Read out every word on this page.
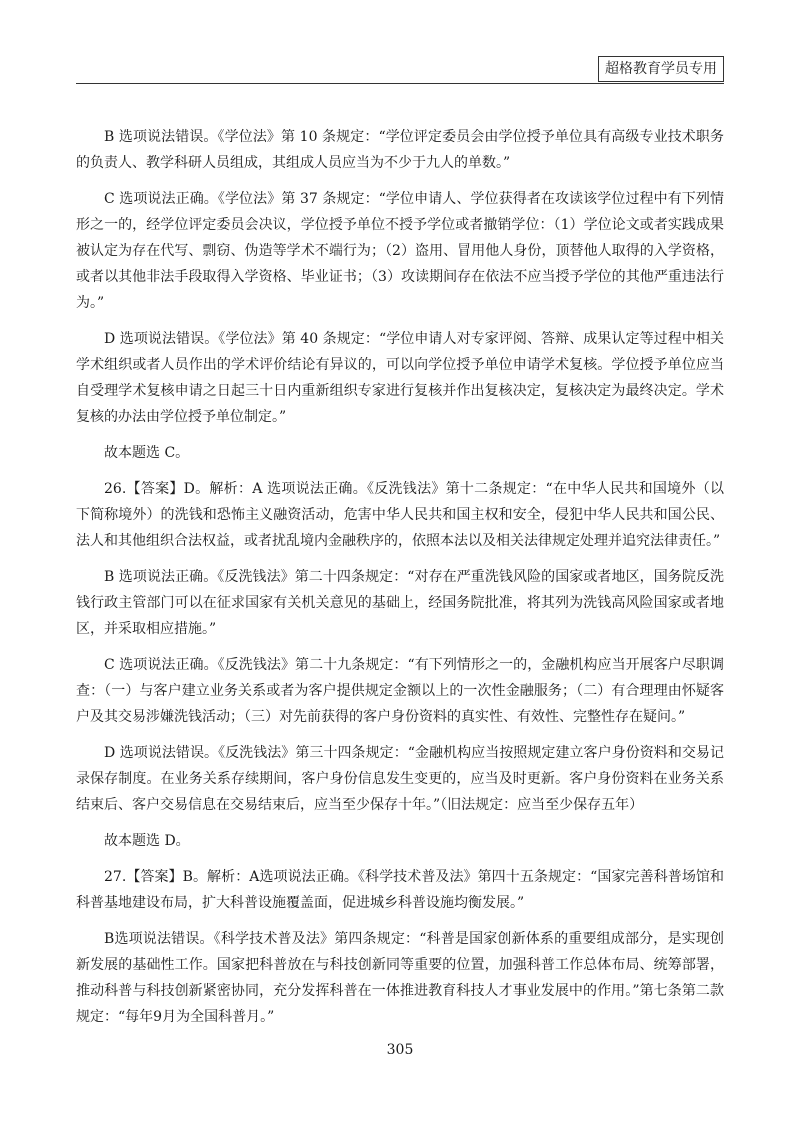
超格教育学员专用

B 选项说法错误。《学位法》第 10 条规定：“学位评定委员会由学位授予单位具有高级专业技术职务的负责人、教学科研人员组成，其组成人员应当为不少于九人的单数。”

C 选项说法正确。《学位法》第 37 条规定：“学位申请人、学位获得者在攻读该学位过程中有下列情形之一的，经学位评定委员会决议，学位授予单位不授予学位或者撤销学位：（1）学位论文或者实践成果被认定为存在代写、剽窃、伪造等学术不端行为；（2）盗用、冒用他人身份，顶替他人取得的入学资格，或者以其他非法手段取得入学资格、毕业证书；（3）攻读期间存在依法不应当授予学位的其他严重违法行为。”

D 选项说法错误。《学位法》第 40 条规定：“学位申请人对专家评阅、答辩、成果认定等过程中相关学术组织或者人员作出的学术评价结论有异议的，可以向学位授予单位申请学术复核。学位授予单位应当自受理学术复核申请之日起三十日内重新组织专家进行复核并作出复核决定，复核决定为最终决定。学术复核的办法由学位授予单位制定。”

故本题选 C。

26.【答案】D。解析：A 选项说法正确。《反洗钱法》第十二条规定：“在中华人民共和国境外（以下简称境外）的洗钱和恐怖主义融资活动，危害中华人民共和国主权和安全，侵犯中华人民共和国公民、法人和其他组织合法权益，或者扰乱境内金融秩序的，依照本法以及相关法律规定处理并追究法律责任。”

B 选项说法正确。《反洗钱法》第二十四条规定：“对存在严重洗钱风险的国家或者地区，国务院反洗钱行政主管部门可以在征求国家有关机关意见的基础上，经国务院批准，将其列为洗钱高风险国家或者地区，并采取相应措施。”

C 选项说法正确。《反洗钱法》第二十九条规定：“有下列情形之一的，金融机构应当开展客户尽职调查：（一）与客户建立业务关系或者为客户提供规定金额以上的一次性金融服务；（二）有合理理由怀疑客户及其交易涉嫌洗钱活动；（三）对先前获得的客户身份资料的真实性、有效性、完整性存在疑问。”

D 选项说法错误。《反洗钱法》第三十四条规定：“金融机构应当按照规定建立客户身份资料和交易记录保存制度。在业务关系存续期间，客户身份信息发生变更的，应当及时更新。客户身份资料在业务关系结束后、客户交易信息在交易结束后，应当至少保存十年。”（旧法规定：应当至少保存五年）

故本题选 D。

27.【答案】B。解析：A选项说法正确。《科学技术普及法》第四十五条规定：“国家完善科普场馆和科普基地建设布局，扩大科普设施覆盖面，促进城乡科普设施均衡发展。”

B选项说法错误。《科学技术普及法》第四条规定：“科普是国家创新体系的重要组成部分，是实现创新发展的基础性工作。国家把科普放在与科技创新同等重要的位置，加强科普工作总体布局、统筹部署，推动科普与科技创新紧密协同，充分发挥科普在一体推进教育科技人才事业发展中的作用。”第七条第二款规定：“每年9月为全国科普月。”

305
